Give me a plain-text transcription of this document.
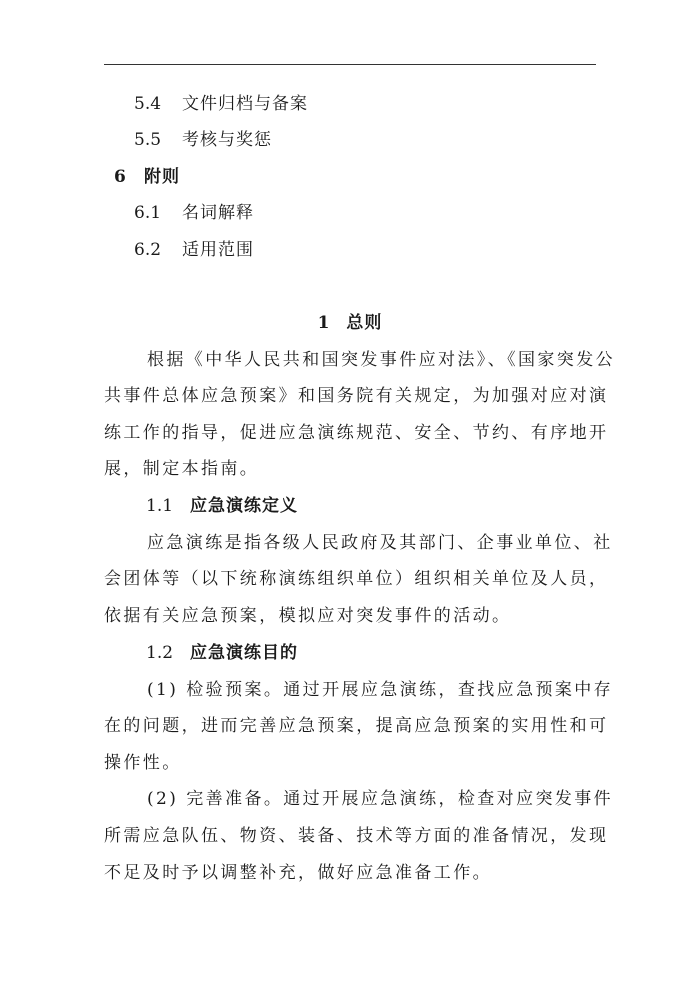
5.4 文件归档与备案
5.5 考核与奖惩
6 附则
6.1 名词解释
6.2 适用范围
1 总则
根据《中华人民共和国突发事件应对法》、《国家突发公
共事件总体应急预案》和国务院有关规定，为加强对应对演
练工作的指导，促进应急演练规范、安全、节约、有序地开
展，制定本指南。
1.1 应急演练定义
应急演练是指各级人民政府及其部门、企事业单位、社
会团体等（以下统称演练组织单位）组织相关单位及人员，
依据有关应急预案，模拟应对突发事件的活动。
1.2 应急演练目的
(1) 检验预案。通过开展应急演练，查找应急预案中存
在的问题，进而完善应急预案，提高应急预案的实用性和可
操作性。
(2) 完善准备。通过开展应急演练，检查对应突发事件
所需应急队伍、物资、装备、技术等方面的准备情况，发现
不足及时予以调整补充，做好应急准备工作。
